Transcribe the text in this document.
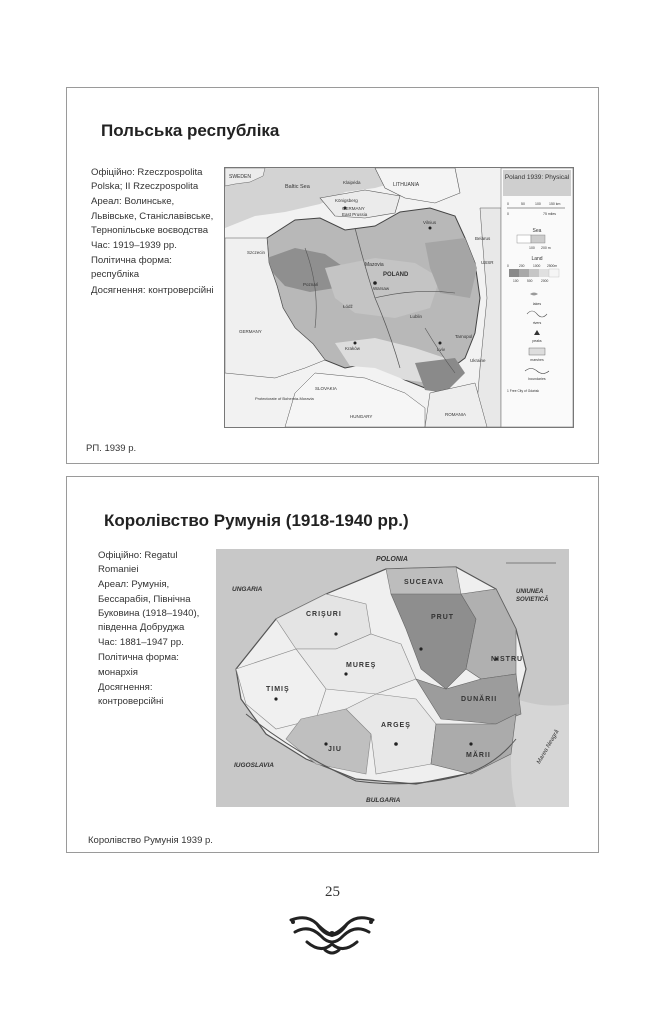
Польська республіка

Офіційно: Rzeczpospolita Polska; II Rzeczpospolita

Ареал: Волинське, Львівське, Станіславівське, Тернопільське воєводства

Час: 1919–1939 рр.

Політична форма: республіка

Досягнення: контроверсійні

SWEDEN
Baltic Sea	LITHUANIA
Klaipėda
Königsberg
GERMANY
East Prussia
Vilnius
POLAND
Mazovia
Warsaw
Kraków	Lviv
SLOVAKIA
HUNGARY
Ukraine
Belarus
USSR
ROMANIA
Szczecin
Poznań
Łódź
Lublin
Tarnopol
GERMANY
Protectorate of Bohemia-Moravia
Poland 1939: Physical
0	50	100 150 km
0	75 miles
Sea
100 200 m
Land
0	200	1000 2500m
100	500	2000
lakes
rivers
peaks
marshes
boundaries
1 Free City of Gdańsk
РП. 1939 р.
Королівство Румунія (1918-1940 рр.)

Офіційно: Regatul Romaniei

Ареал: Румунія, Бессарабія, Північна Буковина (1918–1940), південна Добруджа

Час: 1881–1947 рр.

Політична форма: монархія

Досягнення: контроверсійні

POLONIA
SUCEAVA
UNGARIA	UNIUNEA
SOVIETICĂ
CRIŞURI	PRUT
MUREŞ
NISTRU
TIMIŞ
DUNĂRII
ARGEŞ
JIU
MĂRII
IUGOSLAVIA
BULGARIA
Marea Neagră
Королівство Румунія 1939 р.
25
